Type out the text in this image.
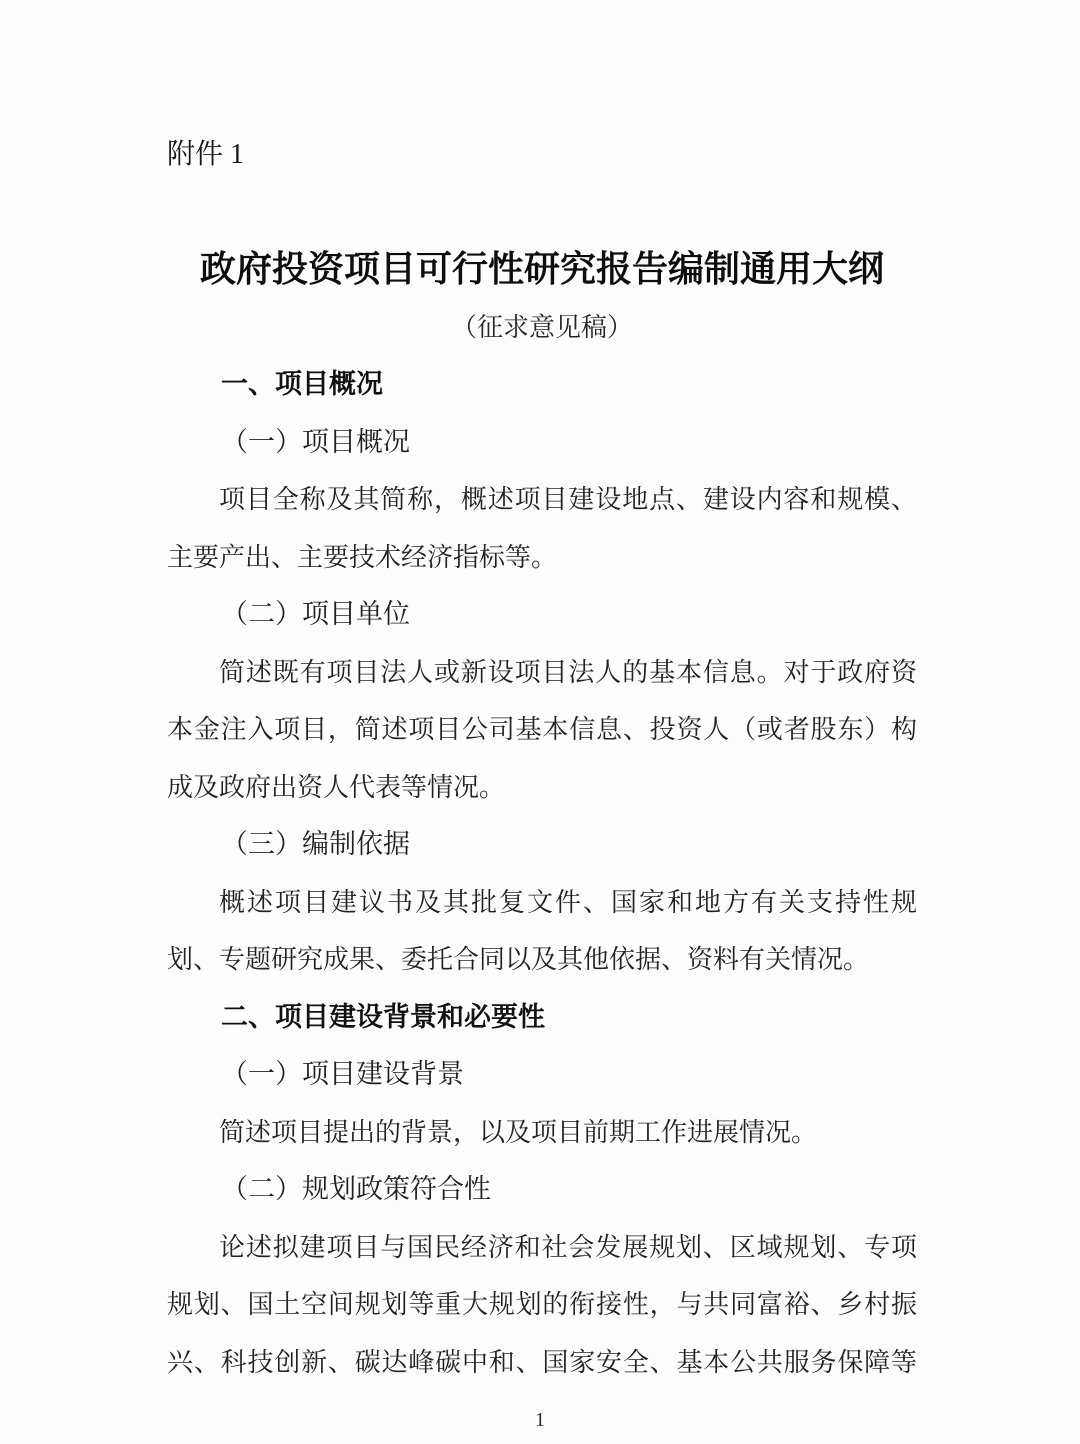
附件 1
政府投资项目可行性研究报告编制通用大纲
（征求意见稿）
一、项目概况
（一）项目概况
项目全称及其简称，概述项目建设地点、建设内容和规模、主要产出、主要技术经济指标等。
（二）项目单位
简述既有项目法人或新设项目法人的基本信息。对于政府资本金注入项目，简述项目公司基本信息、投资人（或者股东）构成及政府出资人代表等情况。
（三）编制依据
概述项目建议书及其批复文件、国家和地方有关支持性规划、专题研究成果、委托合同以及其他依据、资料有关情况。
二、项目建设背景和必要性
（一）项目建设背景
简述项目提出的背景，以及项目前期工作进展情况。
（二）规划政策符合性
论述拟建项目与国民经济和社会发展规划、区域规划、专项规划、国土空间规划等重大规划的衔接性，与共同富裕、乡村振兴、科技创新、碳达峰碳中和、国家安全、基本公共服务保障等
1
